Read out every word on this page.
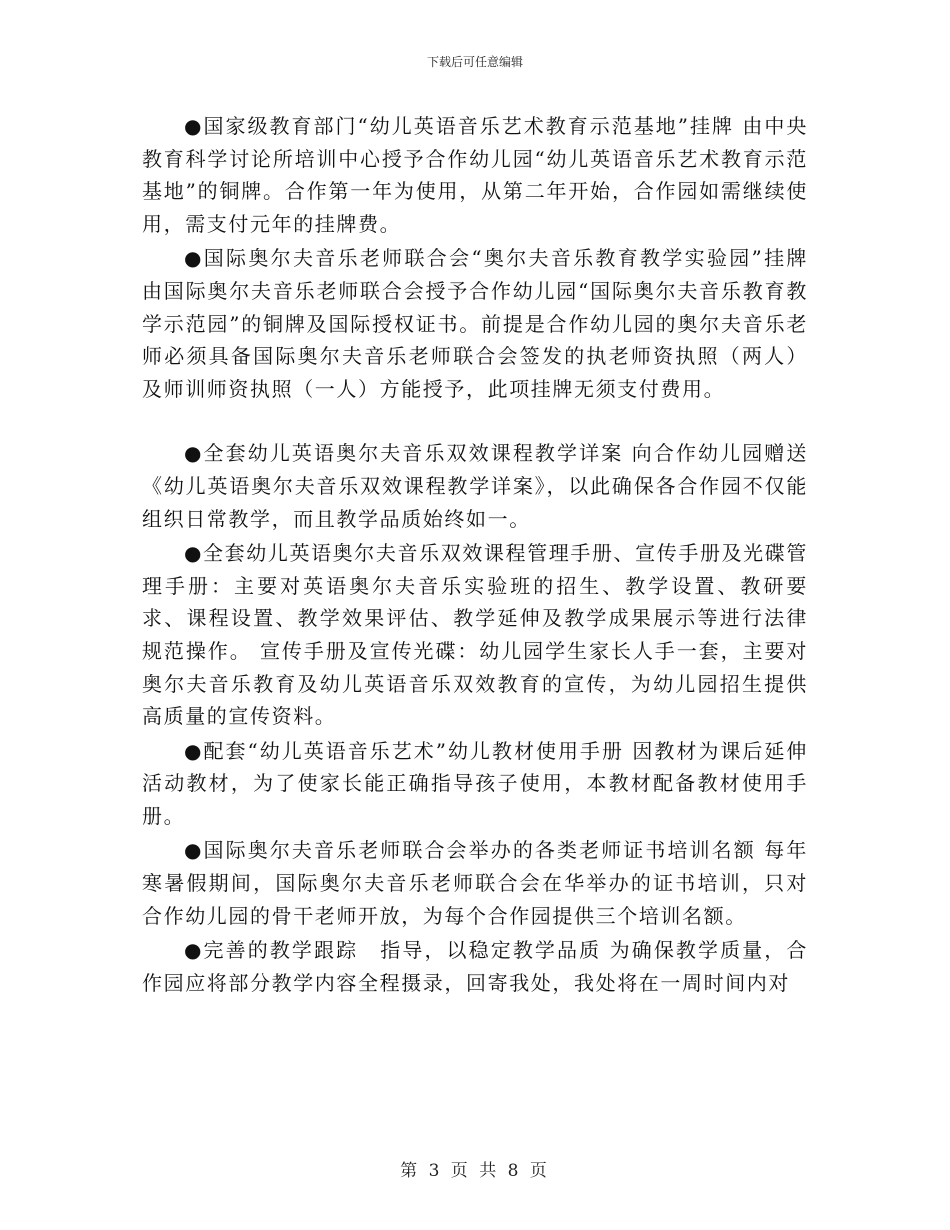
下载后可任意编辑

●国家级教育部门“幼儿英语音乐艺术教育示范基地”挂牌 由中央教育科学讨论所培训中心授予合作幼儿园“幼儿英语音乐艺术教育示范基地”的铜牌。合作第一年为使用，从第二年开始，合作园如需继续使用，需支付元年的挂牌费。

●国际奥尔夫音乐老师联合会“奥尔夫音乐教育教学实验园”挂牌 由国际奥尔夫音乐老师联合会授予合作幼儿园“国际奥尔夫音乐教育教学示范园”的铜牌及国际授权证书。前提是合作幼儿园的奥尔夫音乐老师必须具备国际奥尔夫音乐老师联合会签发的执老师资执照（两人）及师训师资执照（一人）方能授予，此项挂牌无须支付费用。

●全套幼儿英语奥尔夫音乐双效课程教学详案 向合作幼儿园赠送《幼儿英语奥尔夫音乐双效课程教学详案》，以此确保各合作园不仅能组织日常教学，而且教学品质始终如一。

●全套幼儿英语奥尔夫音乐双效课程管理手册、宣传手册及光碟管理手册：主要对英语奥尔夫音乐实验班的招生、教学设置、教研要求、课程设置、教学效果评估、教学延伸及教学成果展示等进行法律规范操作。 宣传手册及宣传光碟：幼儿园学生家长人手一套，主要对奥尔夫音乐教育及幼儿英语音乐双效教育的宣传，为幼儿园招生提供高质量的宣传资料。

●配套“幼儿英语音乐艺术”幼儿教材使用手册 因教材为课后延伸活动教材，为了使家长能正确指导孩子使用，本教材配备教材使用手册。

●国际奥尔夫音乐老师联合会举办的各类老师证书培训名额 每年寒暑假期间，国际奥尔夫音乐老师联合会在华举办的证书培训，只对合作幼儿园的骨干老师开放，为每个合作园提供三个培训名额。

●完善的教学跟踪　指导，以稳定教学品质 为确保教学质量，合作园应将部分教学内容全程摄录，回寄我处，我处将在一周时间内对

第 3 页 共 8 页
